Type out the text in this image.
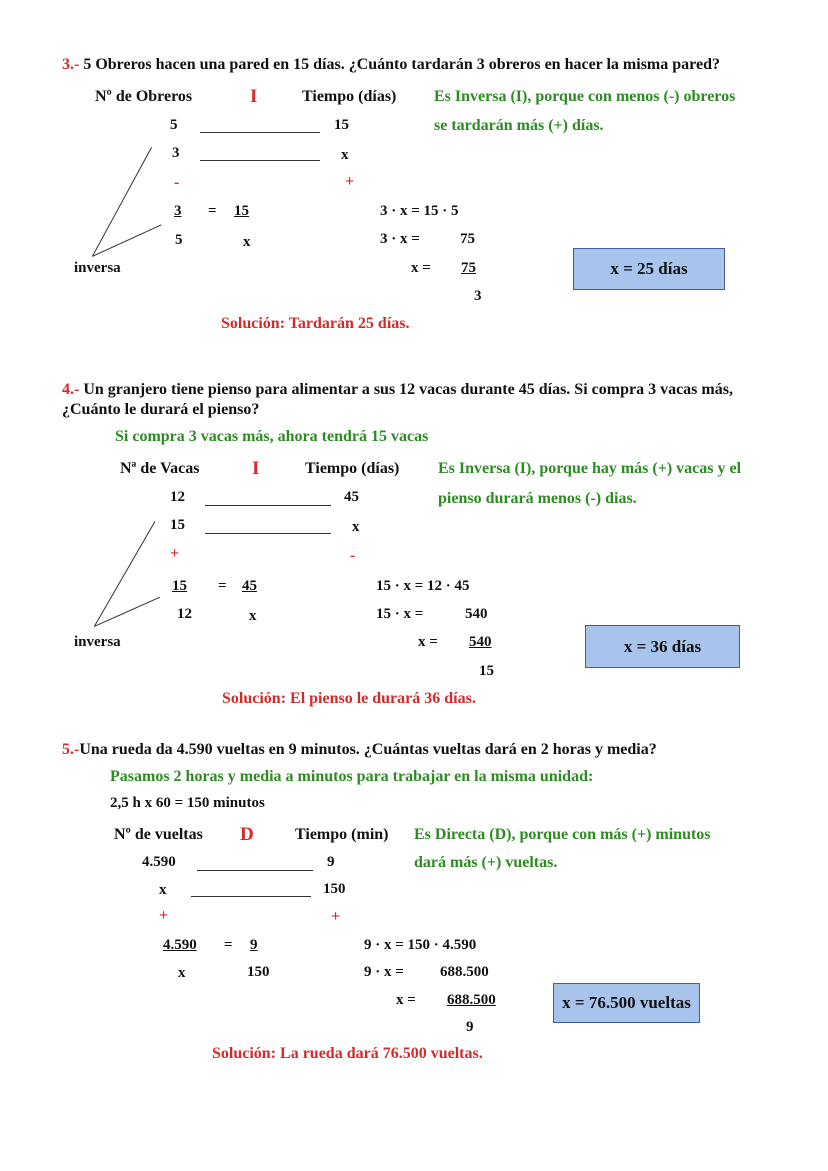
3.- 5 Obreros hacen una pared en 15 días. ¿Cuánto tardarán 3 obreros en hacer la misma pared?
Nº de Obreros	I	Tiempo (días) Es Inversa (I), porque con menos (-) obreros
se tardarán más (+) días.
5	15
3	x
-	+
inversa
3 = 15
5	x
3 · x = 15 · 5
3 · x =	75
x = 75
3
x = 25 días
Solución: Tardarán 25 días.
4.- Un granjero tiene pienso para alimentar a sus 12 vacas durante 45 días. Si compra 3 vacas más,
¿Cuánto le durará el pienso?
Si compra 3 vacas más, ahora tendrá 15 vacas
Nª de Vacas	I	Tiempo (días) Es Inversa (I), porque hay más (+) vacas y el
pienso durará menos (-) dias.
12	45
15	x
+	-
inversa
15 = 45
12	x
15 · x = 12 · 45
15 · x =	540
x = 540
15
x = 36 días
Solución: El pienso le durará 36 días.
5.-Una rueda da 4.590 vueltas en 9 minutos. ¿Cuántas vueltas dará en 2 horas y media?
Pasamos 2 horas y media a minutos para trabajar en la misma unidad:
2,5 h x 60 = 150 minutos
Nº de vueltas D	Tiempo (min) Es Directa (D), porque con más (+) minutos
dará más (+) vueltas.
4.590	9
x	150
+	+
4.590 = 9
x	150
9 · x = 150 · 4.590
9 · x = 688.500
x = 688.500
9
x = 76.500 vueltas
Solución: La rueda dará 76.500 vueltas.
